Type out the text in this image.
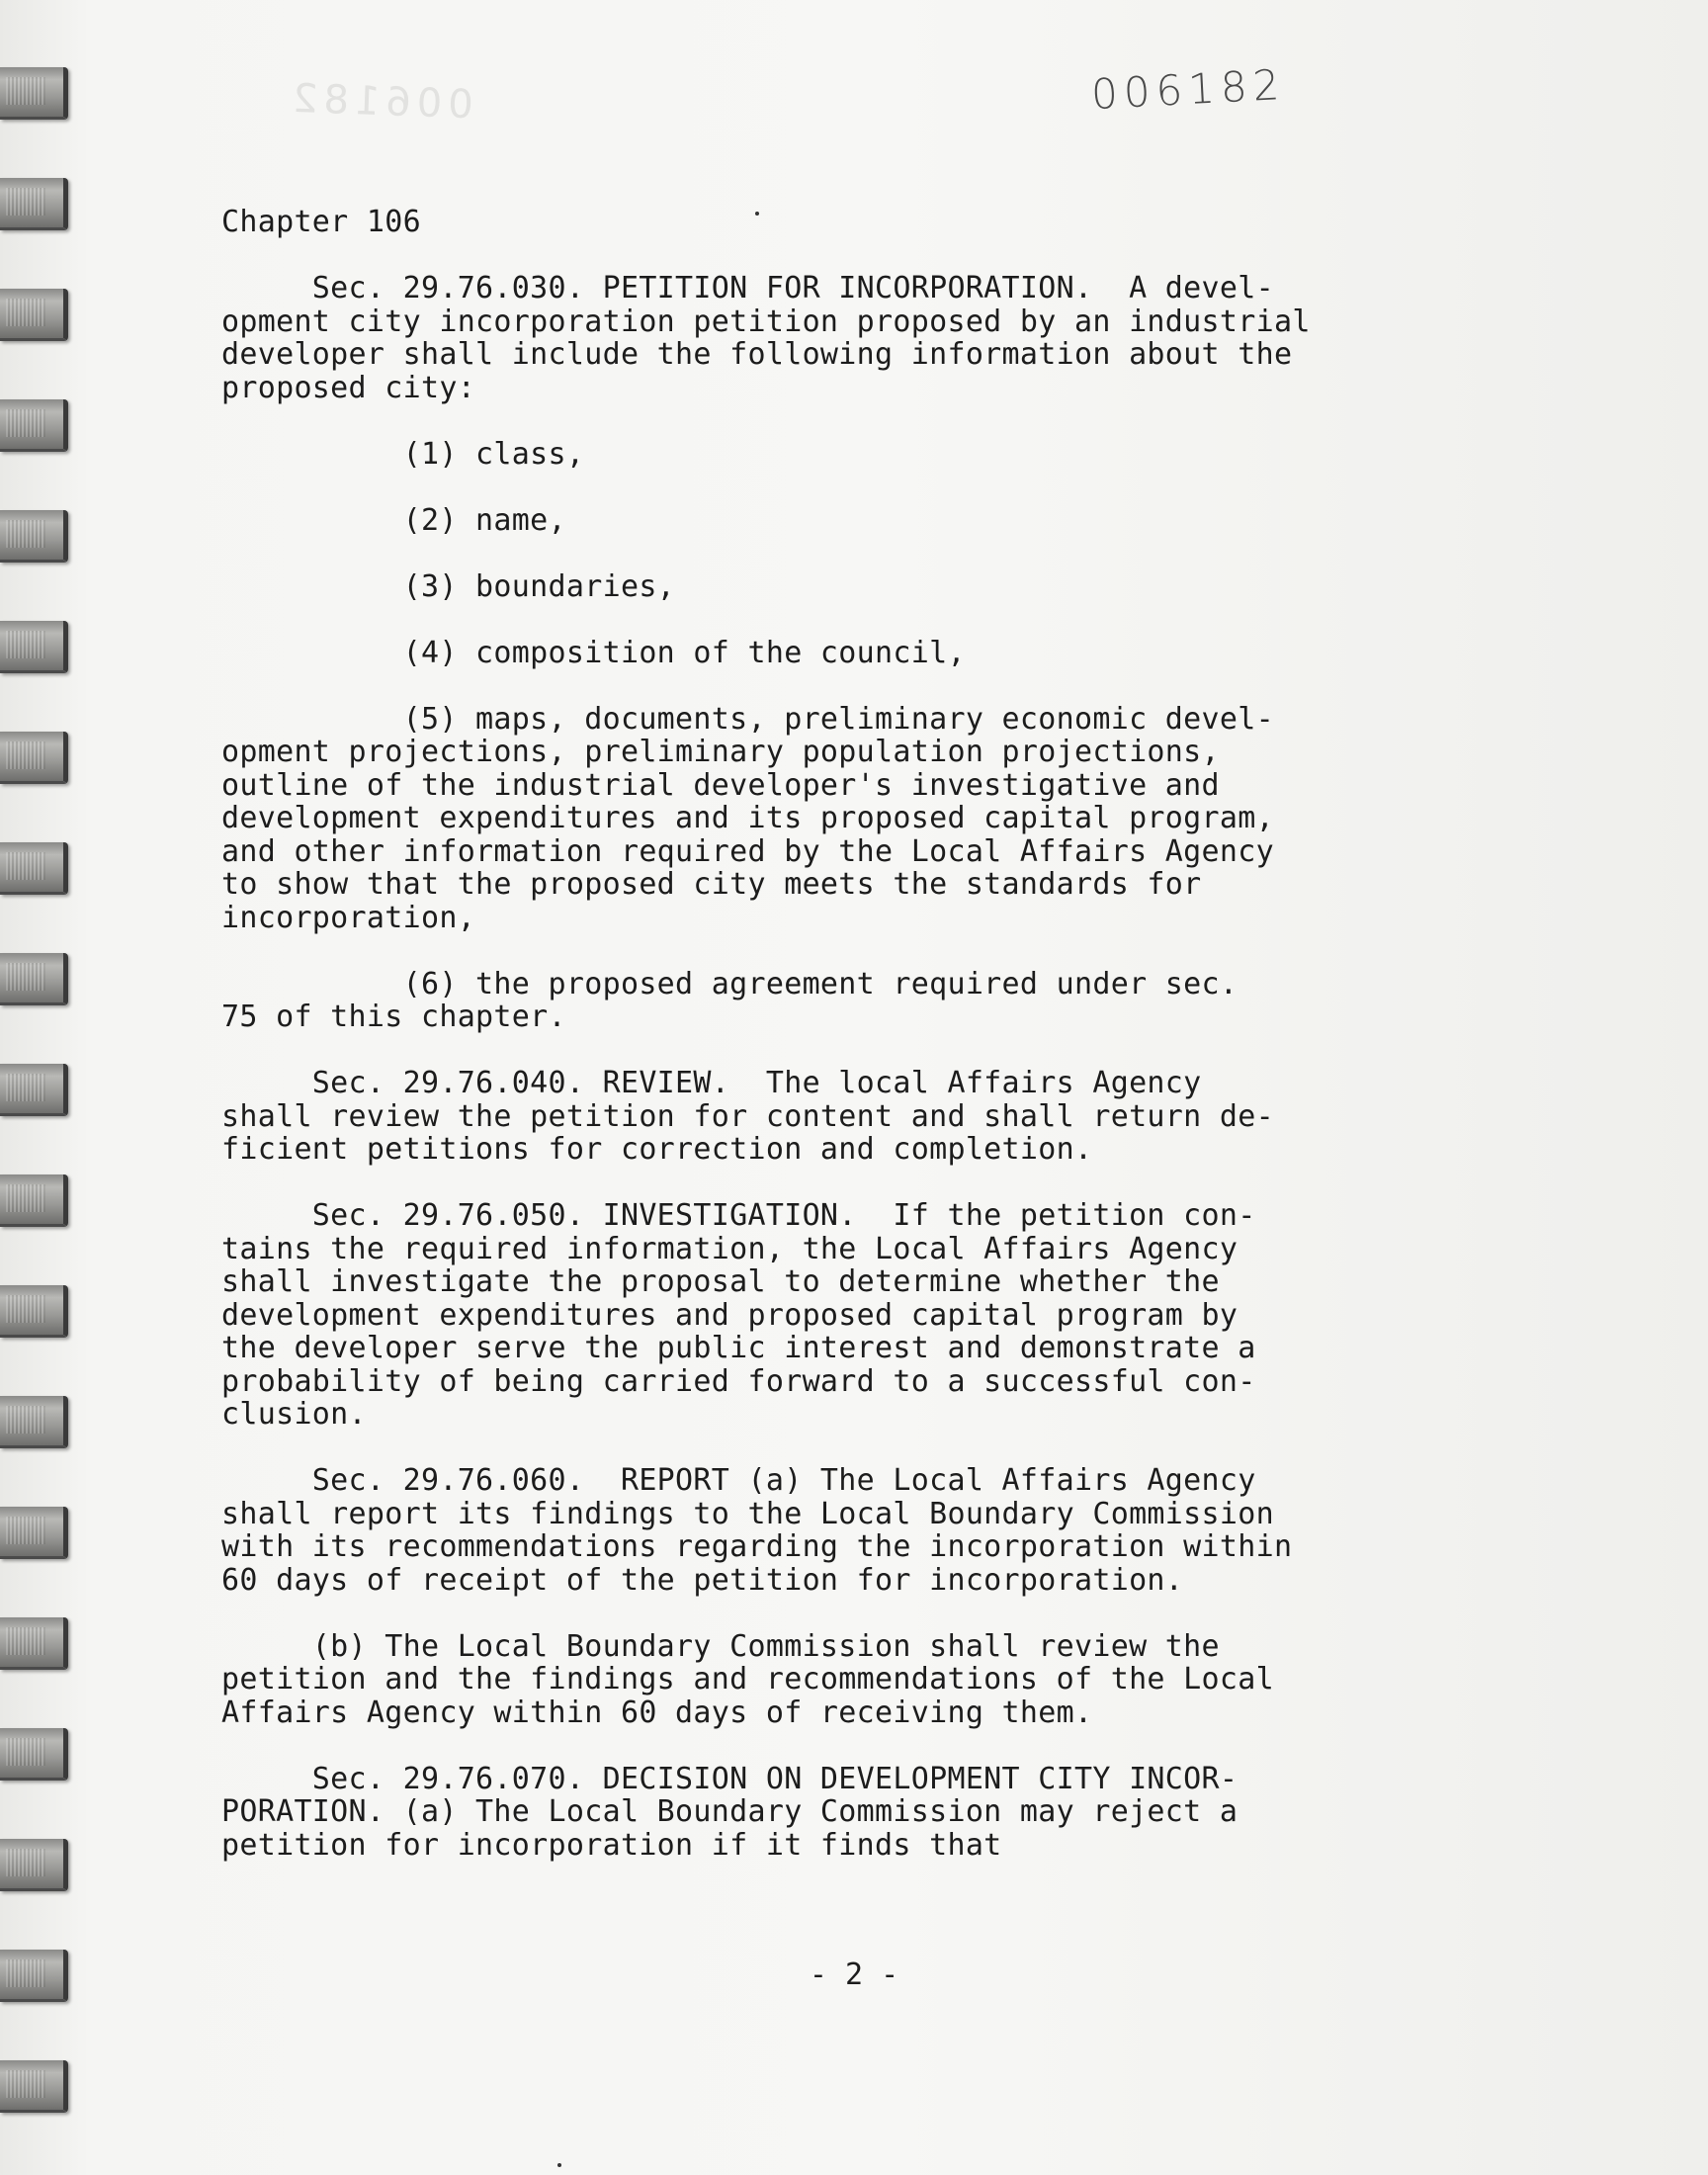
006182	006182
Chapter 106
Sec. 29.76.030. PETITION FOR INCORPORATION.  A devel-
opment city incorporation petition proposed by an industrial
developer shall include the following information about the
proposed city:
(1) class,
(2) name,
(3) boundaries,
(4) composition of the council,
(5) maps, documents, preliminary economic devel-
opment projections, preliminary population projections,
outline of the industrial developer's investigative and
development expenditures and its proposed capital program,
and other information required by the Local Affairs Agency
to show that the proposed city meets the standards for
incorporation,
(6) the proposed agreement required under sec.
75 of this chapter.
Sec. 29.76.040. REVIEW.  The local Affairs Agency
shall review the petition for content and shall return de-
ficient petitions for correction and completion.
Sec. 29.76.050. INVESTIGATION.  If the petition con-
tains the required information, the Local Affairs Agency
shall investigate the proposal to determine whether the
development expenditures and proposed capital program by
the developer serve the public interest and demonstrate a
probability of being carried forward to a successful con-
clusion.
Sec. 29.76.060.  REPORT (a) The Local Affairs Agency
shall report its findings to the Local Boundary Commission
with its recommendations regarding the incorporation within
60 days of receipt of the petition for incorporation.
(b) The Local Boundary Commission shall review the
petition and the findings and recommendations of the Local
Affairs Agency within 60 days of receiving them.
Sec. 29.76.070. DECISION ON DEVELOPMENT CITY INCOR-
PORATION. (a) The Local Boundary Commission may reject a
petition for incorporation if it finds that
- 2 -
